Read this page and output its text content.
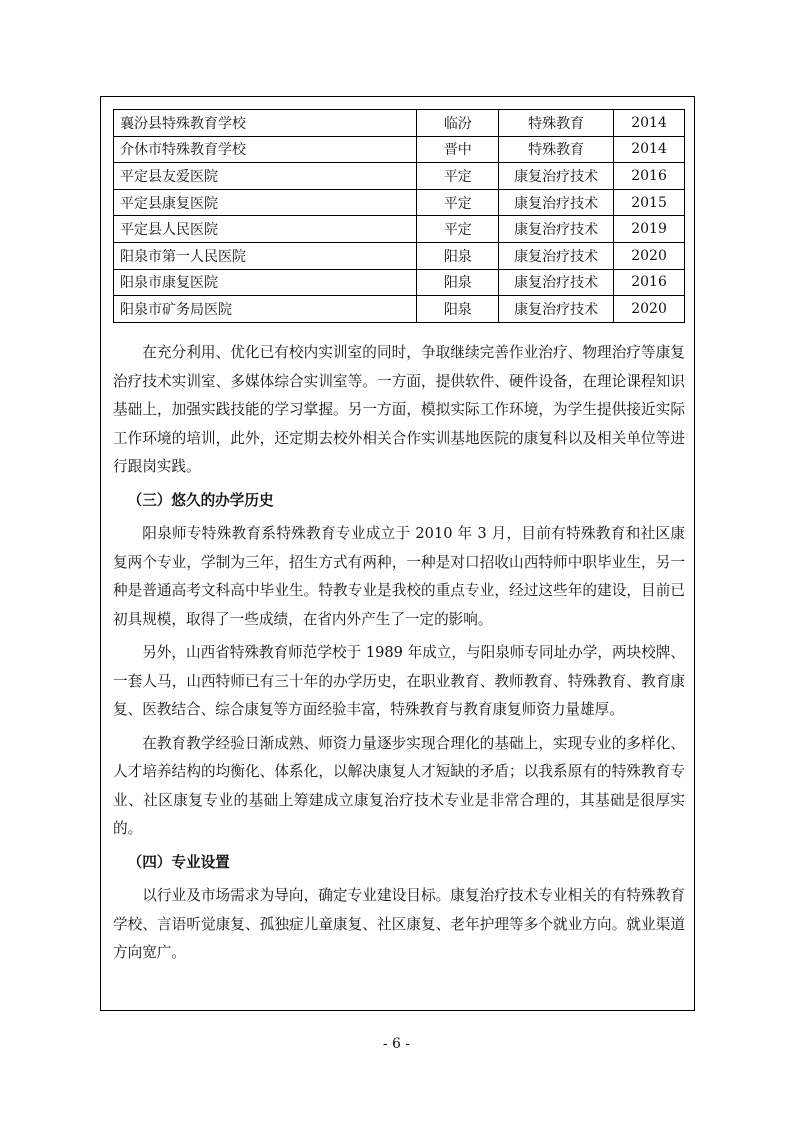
襄汾县特殊教育学校	临汾	特殊教育	2014
介休市特殊教育学校	晋中	特殊教育	2014
平定县友爱医院	平定	康复治疗技术	2016
平定县康复医院	平定	康复治疗技术	2015
平定县人民医院	平定	康复治疗技术	2019
阳泉市第一人民医院	阳泉	康复治疗技术	2020
阳泉市康复医院	阳泉	康复治疗技术	2016
阳泉市矿务局医院	阳泉	康复治疗技术	2020

在充分利用、优化已有校内实训室的同时，争取继续完善作业治疗、物理治疗等康复治疗技术实训室、多媒体综合实训室等。一方面，提供软件、硬件设备，在理论课程知识基础上，加强实践技能的学习掌握。另一方面，模拟实际工作环境，为学生提供接近实际工作环境的培训，此外，还定期去校外相关合作实训基地医院的康复科以及相关单位等进行跟岗实践。

（三）悠久的办学历史

阳泉师专特殊教育系特殊教育专业成立于 2010 年 3 月，目前有特殊教育和社区康复两个专业，学制为三年，招生方式有两种，一种是对口招收山西特师中职毕业生，另一种是普通高考文科高中毕业生。特教专业是我校的重点专业，经过这些年的建设，目前已初具规模，取得了一些成绩，在省内外产生了一定的影响。

另外，山西省特殊教育师范学校于 1989 年成立，与阳泉师专同址办学，两块校牌、一套人马，山西特师已有三十年的办学历史，在职业教育、教师教育、特殊教育、教育康复、医教结合、综合康复等方面经验丰富，特殊教育与教育康复师资力量雄厚。

在教育教学经验日渐成熟、师资力量逐步实现合理化的基础上，实现专业的多样化、人才培养结构的均衡化、体系化，以解决康复人才短缺的矛盾；以我系原有的特殊教育专业、社区康复专业的基础上筹建成立康复治疗技术专业是非常合理的，其基础是很厚实的。

（四）专业设置

以行业及市场需求为导向，确定专业建设目标。康复治疗技术专业相关的有特殊教育学校、言语听觉康复、孤独症儿童康复、社区康复、老年护理等多个就业方向。就业渠道方向宽广。

- 6 -
